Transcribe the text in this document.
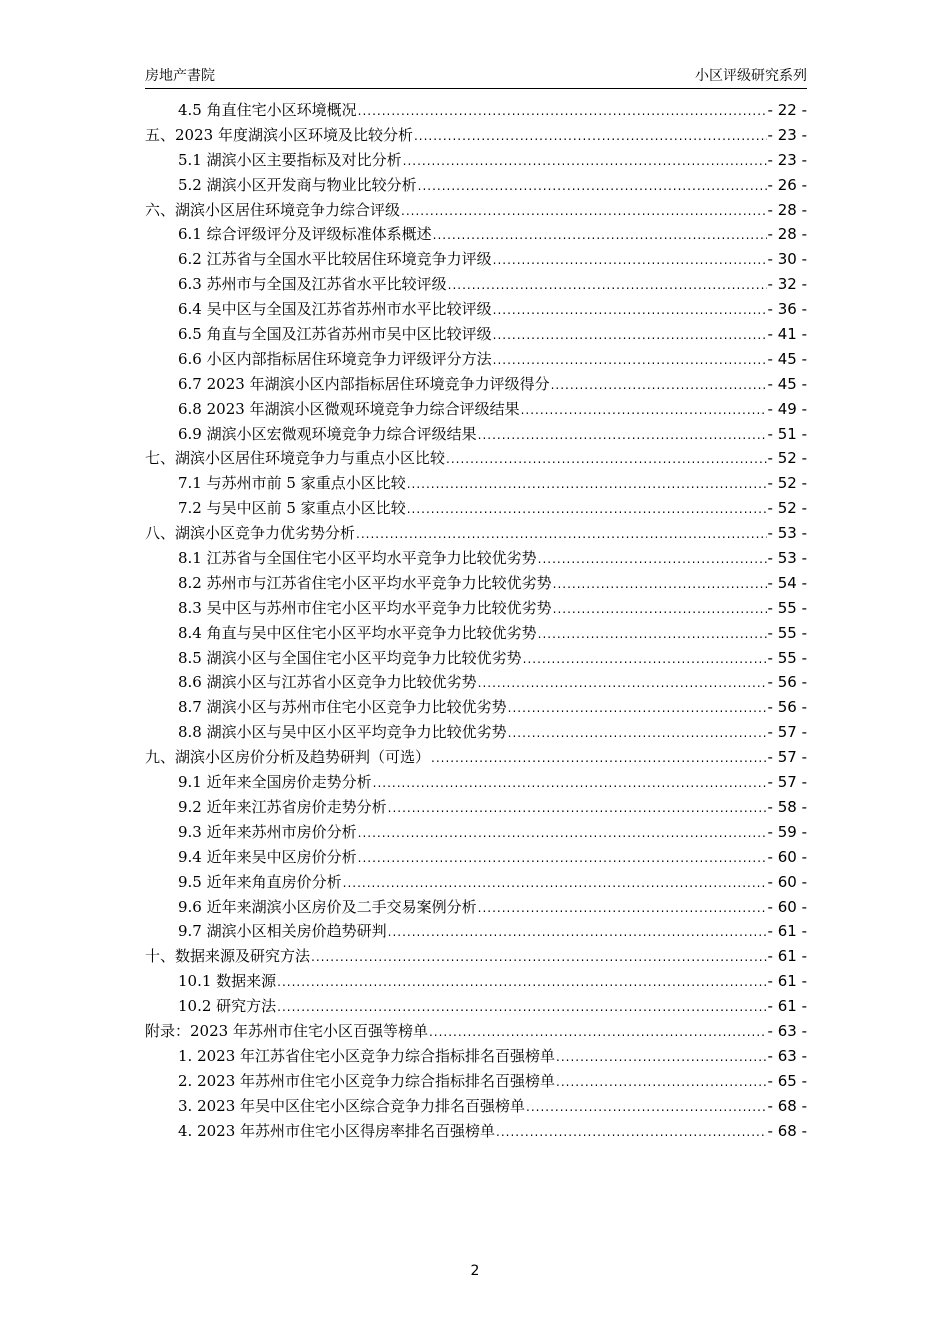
房地产書院	小区评级研究系列
4.5 角直住宅小区环境概况 .....	- 22 -
五、2023 年度湖滨小区环境及比较分析 .....	- 23 -
5.1 湖滨小区主要指标及对比分析 .....	- 23 -
5.2 湖滨小区开发商与物业比较分析 .....	- 26 -
六、湖滨小区居住环境竞争力综合评级 .....	- 28 -
6.1 综合评级评分及评级标准体系概述 .....	- 28 -
6.2 江苏省与全国水平比较居住环境竞争力评级 .....	- 30 -
6.3 苏州市与全国及江苏省水平比较评级 .....	- 32 -
6.4 吴中区与全国及江苏省苏州市水平比较评级 .....	- 36 -
6.5 角直与全国及江苏省苏州市吴中区比较评级 .....	- 41 -
6.6 小区内部指标居住环境竞争力评级评分方法 .....	- 45 -
6.7 2023 年湖滨小区内部指标居住环境竞争力评级得分 .....	- 45 -
6.8 2023 年湖滨小区微观环境竞争力综合评级结果 .....	- 49 -
6.9 湖滨小区宏微观环境竞争力综合评级结果 .....	- 51 -
七、湖滨小区居住环境竞争力与重点小区比较 .....	- 52 -
7.1 与苏州市前 5 家重点小区比较 .....	- 52 -
7.2 与吴中区前 5 家重点小区比较 .....	- 52 -
八、湖滨小区竞争力优劣势分析 .....	- 53 -
8.1 江苏省与全国住宅小区平均水平竞争力比较优劣势 .....	- 53 -
8.2 苏州市与江苏省住宅小区平均水平竞争力比较优劣势 .....	- 54 -
8.3 吴中区与苏州市住宅小区平均水平竞争力比较优劣势 .....	- 55 -
8.4 角直与吴中区住宅小区平均水平竞争力比较优劣势 .....	- 55 -
8.5 湖滨小区与全国住宅小区平均竞争力比较优劣势 .....	- 55 -
8.6 湖滨小区与江苏省小区竞争力比较优劣势 .....	- 56 -
8.7 湖滨小区与苏州市住宅小区竞争力比较优劣势 .....	- 56 -
8.8 湖滨小区与吴中区小区平均竞争力比较优劣势 .....	- 57 -
九、湖滨小区房价分析及趋势研判（可选） .....	- 57 -
9.1 近年来全国房价走势分析 .....	- 57 -
9.2 近年来江苏省房价走势分析 .....	- 58 -
9.3 近年来苏州市房价分析 .....	- 59 -
9.4 近年来吴中区房价分析 .....	- 60 -
9.5 近年来角直房价分析 .....	- 60 -
9.6 近年来湖滨小区房价及二手交易案例分析 .....	- 60 -
9.7 湖滨小区相关房价趋势研判 .....	- 61 -
十、数据来源及研究方法 .....	- 61 -
10.1 数据来源 .....	- 61 -
10.2 研究方法 .....	- 61 -
附录：2023 年苏州市住宅小区百强等榜单 .....	- 63 -
1. 2023 年江苏省住宅小区竞争力综合指标排名百强榜单 .....	- 63 -
2. 2023 年苏州市住宅小区竞争力综合指标排名百强榜单 .....	- 65 -
3. 2023 年吴中区住宅小区综合竞争力排名百强榜单 .....	- 68 -
4. 2023 年苏州市住宅小区得房率排名百强榜单 .....	- 68 -
2
